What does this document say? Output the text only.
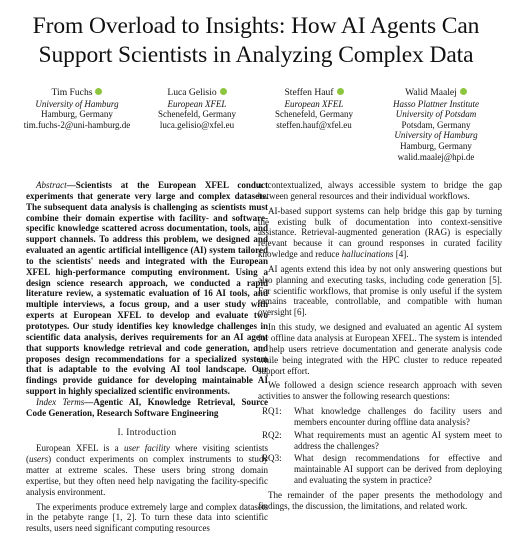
From Overload to Insights: How AI Agents Can
Support Scientists in Analyzing Complex Data
Tim Fuchs
University of Hamburg
Hamburg, Germany
tim.fuchs-2@uni-hamburg.de
Luca Gelisio
European XFEL
Schenefeld, Germany
luca.gelisio@xfel.eu
Steffen Hauf
European XFEL
Schenefeld, Germany
steffen.hauf@xfel.eu
Walid Maalej
Hasso Plattner Institute
University of Potsdam
Potsdam, Germany
University of Hamburg
Hamburg, Germany
walid.maalej@hpi.de

Abstract—Scientists at the European XFEL conduct experiments that generate very large and complex datasets. The subsequent data analysis is challenging as scientists must combine their domain expertise with facility- and software-specific knowledge scattered across documentation, tools, and support channels. To address this problem, we designed and evaluated an agentic artificial intelligence (AI) system tailored to the scientists' needs and integrated with the European XFEL high-performance computing environment. Using a design science research approach, we conducted a rapid literature review, a systematic evaluation of 16 AI tools, and multiple interviews, a focus group, and a user study with experts at European XFEL to develop and evaluate two prototypes. Our study identifies key knowledge challenges in scientific data analysis, derives requirements for an AI agent that supports knowledge retrieval and code generation, and proposes design recommendations for a specialized system that is adaptable to the evolving AI tool landscape. Our findings provide guidance for developing maintainable AI support in highly specialized scientific environments.

Index Terms—Agentic AI, Knowledge Retrieval, Source Code Generation, Research Software Engineering

I. Introduction

European XFEL is a user facility where visiting scientists (users) conduct experiments on complex instruments to study matter at extreme scales. These users bring strong domain expertise, but they often need help navigating the facility-specific analysis environment.

The experiments produce extremely large and complex datasets in the petabyte range [1, 2]. To turn these data into scientific results, users need significant computing resources

a contextualized, always accessible system to bridge the gap between general resources and their individual workflows.

AI-based support systems can help bridge this gap by turning the existing bulk of documentation into context-sensitive assistance. Retrieval-augmented generation (RAG) is especially relevant because it can ground responses in curated facility knowledge and reduce hallucinations [4].

AI agents extend this idea by not only answering questions but also planning and executing tasks, including code generation [5]. For scientific workflows, that promise is only useful if the system remains traceable, controllable, and compatible with human oversight [6].

In this study, we designed and evaluated an agentic AI system for offline data analysis at European XFEL. The system is intended to help users retrieve documentation and generate analysis code while being integrated with the HPC cluster to reduce repeated support effort.

We followed a design science research approach with seven activities to answer the following research questions:

RQ1:	What knowledge challenges do facility users and members encounter during offline data analysis?
RQ2:	What requirements must an agentic AI system meet to address the challenges?
RQ3:	What design recommendations for effective and maintainable AI support can be derived from deploying and evaluating the system in practice?

The remainder of the paper presents the methodology and findings, the discussion, the limitations, and related work.
